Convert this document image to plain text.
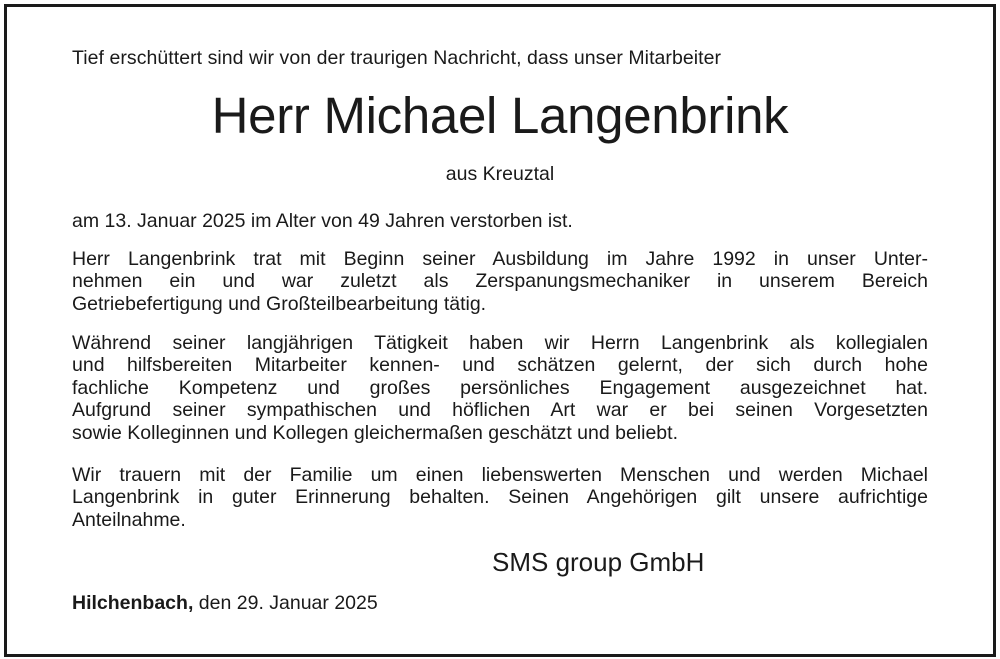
Tief erschüttert sind wir von der traurigen Nachricht, dass unser Mitarbeiter
Herr Michael Langenbrink
aus Kreuztal
am 13. Januar 2025 im Alter von 49 Jahren verstorben ist.
Herr Langenbrink trat mit Beginn seiner Ausbildung im Jahre 1992 in unser Unter-
nehmen ein und war zuletzt als Zerspanungsmechaniker in unserem Bereich
Getriebefertigung und Großteilbearbeitung tätig.
Während seiner langjährigen Tätigkeit haben wir Herrn Langenbrink als kollegialen
und hilfsbereiten Mitarbeiter kennen- und schätzen gelernt, der sich durch hohe
fachliche Kompetenz und großes persönliches Engagement ausgezeichnet hat.
Aufgrund seiner sympathischen und höflichen Art war er bei seinen Vorgesetzten
sowie Kolleginnen und Kollegen gleichermaßen geschätzt und beliebt.
Wir trauern mit der Familie um einen liebenswerten Menschen und werden Michael
Langenbrink in guter Erinnerung behalten. Seinen Angehörigen gilt unsere aufrichtige
Anteilnahme.
SMS group GmbH
Hilchenbach, den 29. Januar 2025
